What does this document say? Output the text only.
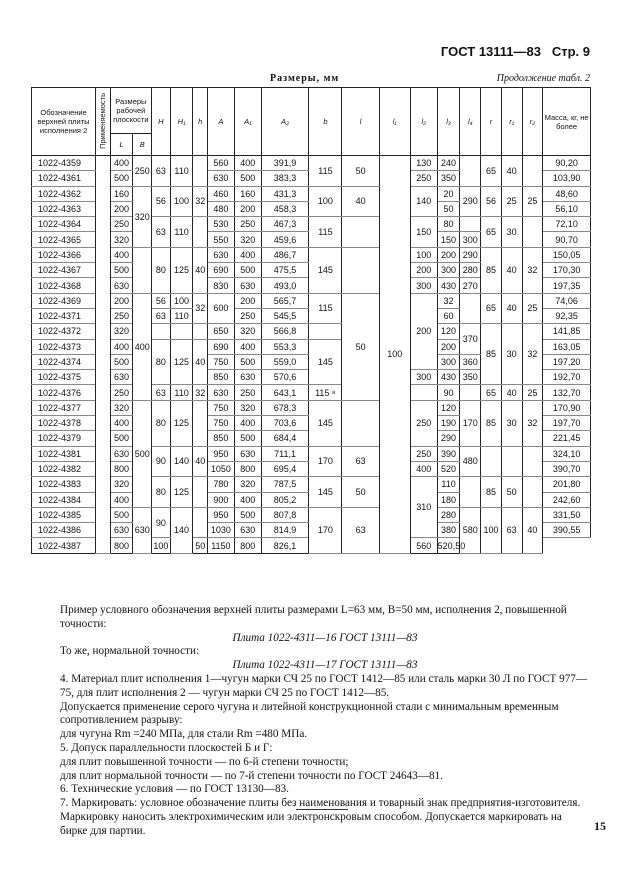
ГОСТ 13111—83 Стр. 9
Размеры, мм	Продолжение табл. 2
Обозначение верхней плиты исполнения 2	Применяемость	Размеры рабочей плоскости		H	H₁	h	A	A₁	A₂	b	l	l₁	l₂	l₃	l₄	r	r₁	r₂	Масса, кг, не более
		L	B																
1022-4359		400	250	63	110		560	400	391,9	115	50	100	130	240		65	40		90,20
1022-4361		500					630	500	383,3				250	350					103,90
1022-4362		160	320	56	100	32	460	160	431,3	100	40		140	20	290	56	25	25	48,60
1022-4363		200					480	200	458,3					50					56,10
1022-4364		250		63	110		530	250	467,3	115			150	80		65	30		72,10
1022-4365		320					550	320	459,6					150	300				90,70
1022-4366		400		80	125	40	630	400	486,7	145			100	200	290	85	40	32	150,05
1022-4367		500					690	500	475,5				200	300	280				170,30
1022-4368		630					830	630	493,0				300	430	270				197,35
1022-4369		200	400	56	100	32	600	200	565,7	115	50		200	32		65	40	25	74,06
1022-4371		250		63	110			250	545,5					60					92,35
1022-4372		320					650	320	566,8					120	370	85	30	32	141,85
1022-4373		400		80	125	40	690	400	553,3	145				200					163,05
1022-4374		500					750	500	559,0					300	360				197,20
1022-4375		630					850	630	570,6				300	430	350				192,70
1022-4376		250		63	110	32	630	250	643,1	115 ⁸				90		65	40	25	132,70
1022-4377		320	500	80	125		750	320	678,3	145			250	120	170	85	30	32	170,90
1022-4378		400					750	400	703,6					190					197,70
1022-4379		500					850	500	684,4					290					221,45
1022-4381		630		90	140	40	950	630	711,1	170	63		250	390	480				324,10
1022-4382		800					1050	800	695,4				400	520					390,70
1022-4383		320		80	125		780	320	787,5	145	50		310	110		85	50		201,80
1022-4384		400					900	400	805,2					180					242,60
1022-4385		500	630	90	140		950	500	807,8	170	63			280	580	100	63	40	331,50
1022-4386		630					1030	630	814,9					380					390,55
1022-4387		800		100		50	1150	800	826,1				560	520,50					

Пример условного обозначения верхней плиты размерами L=63 мм, B=50 мм, исполнения 2, повышенной точности:

Плита 1022-4311—16 ГОСТ 13111—83

То же, нормальной точности:

Плита 1022-4311—17 ГОСТ 13111—83

4. Материал плит исполнения 1—чугун марки СЧ 25 по ГОСТ 1412—85 или сталь марки 30 Л по ГОСТ 977—75, для плит исполнения 2 — чугун марки СЧ 25 по ГОСТ 1412—85.

Допускается применение серого чугуна и литейной конструкционной стали с минимальным временным сопротивлением разрыву:

для чугуна Rm =240 МПа, для стали Rm =480 МПа.

5. Допуск параллельности плоскостей Б и Г:

для плит повышенной точности — по 6-й степени точности;

для плит нормальной точности — по 7-й степени точности по ГОСТ 24643—81.

6. Технические условия — по ГОСТ 13130—83.

7. Маркировать: условное обозначение плиты без наименования и товарный знак предприятия-изготовителя. Маркировку наносить электрохимическим или электронскровым способом. Допускается маркировать на бирке для партии.	15
